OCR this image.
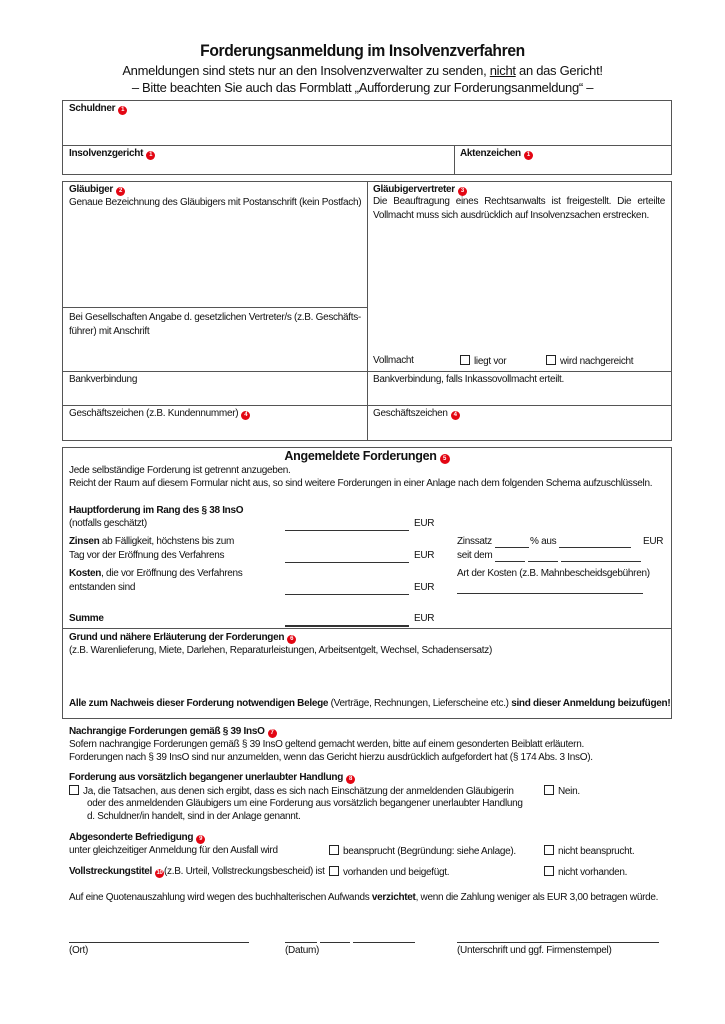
Forderungsanmeldung im Insolvenzverfahren
Anmeldungen sind stets nur an den Insolvenzverwalter zu senden, nicht an das Gericht!
– Bitte beachten Sie auch das Formblatt „Aufforderung zur Forderungsanmeldung“ –
Schuldner 1
Insolvenzgericht 1	Aktenzeichen 1
Gläubiger 2
Genaue Bezeichnung des Gläubigers mit Postanschrift (kein Postfach)
Bei Gesellschaften Angabe d. gesetzlichen Vertreter/s (z.B. Geschäfts-führer) mit Anschrift
Gläubigervertreter 3
Die Beauftragung eines Rechtsanwalts ist freigestellt. Die erteilte Vollmacht muss sich ausdrücklich auf Insolvenzsachen erstrecken.
Vollmacht	liegt vor	wird nachgereicht
Bankverbindung	Bankverbindung, falls Inkassovollmacht erteilt.
Geschäftszeichen (z.B. Kundennummer) 4	Geschäftszeichen 4
Angemeldete Forderungen 5
Jede selbständige Forderung ist getrennt anzugeben.
Reicht der Raum auf diesem Formular nicht aus, so sind weitere Forderungen in einer Anlage nach dem folgenden Schema aufzuschlüsseln.
Hauptforderung im Rang des § 38 InsO
(notfalls geschätzt)	EUR
Zinsen ab Fälligkeit, höchstens bis zum
Tag vor der Eröffnung des Verfahrens	EUR
Zinssatz	% aus	EUR
seit dem
Kosten, die vor Eröffnung des Verfahrens
entstanden sind	EUR
Art der Kosten (z.B. Mahnbescheidsgebühren)
Summe	EUR
Grund und nähere Erläuterung der Forderungen 6
(z.B. Warenlieferung, Miete, Darlehen, Reparaturleistungen, Arbeitsentgelt, Wechsel, Schadensersatz)
Alle zum Nachweis dieser Forderung notwendigen Belege (Verträge, Rechnungen, Lieferscheine etc.) sind dieser Anmeldung beizufügen!
Nachrangige Forderungen gemäß § 39 InsO 7
Sofern nachrangige Forderungen gemäß § 39 InsO geltend gemacht werden, bitte auf einem gesonderten Beiblatt erläutern.
Forderungen nach § 39 InsO sind nur anzumelden, wenn das Gericht hierzu ausdrücklich aufgefordert hat (§ 174 Abs. 3 InsO).
Forderung aus vorsätzlich begangener unerlaubter Handlung 8
Ja, die Tatsachen, aus denen sich ergibt, dass es sich nach Einschätzung der anmeldenden Gläubigerin
oder des anmeldenden Gläubigers um eine Forderung aus vorsätzlich begangener unerlaubter Handlung
d. Schuldner/in handelt, sind in der Anlage genannt.
Nein.
Abgesonderte Befriedigung 9
unter gleichzeitiger Anmeldung für den Ausfall wird	beansprucht (Begründung: siehe Anlage).	nicht beansprucht.
Vollstreckungstitel 10(z.B. Urteil, Vollstreckungsbescheid) ist	vorhanden und beigefügt.	nicht vorhanden.
Auf eine Quotenauszahlung wird wegen des buchhalterischen Aufwands verzichtet, wenn die Zahlung weniger als EUR 3,00 betragen würde.
(Ort)	(Datum)	(Unterschrift und ggf. Firmenstempel)
